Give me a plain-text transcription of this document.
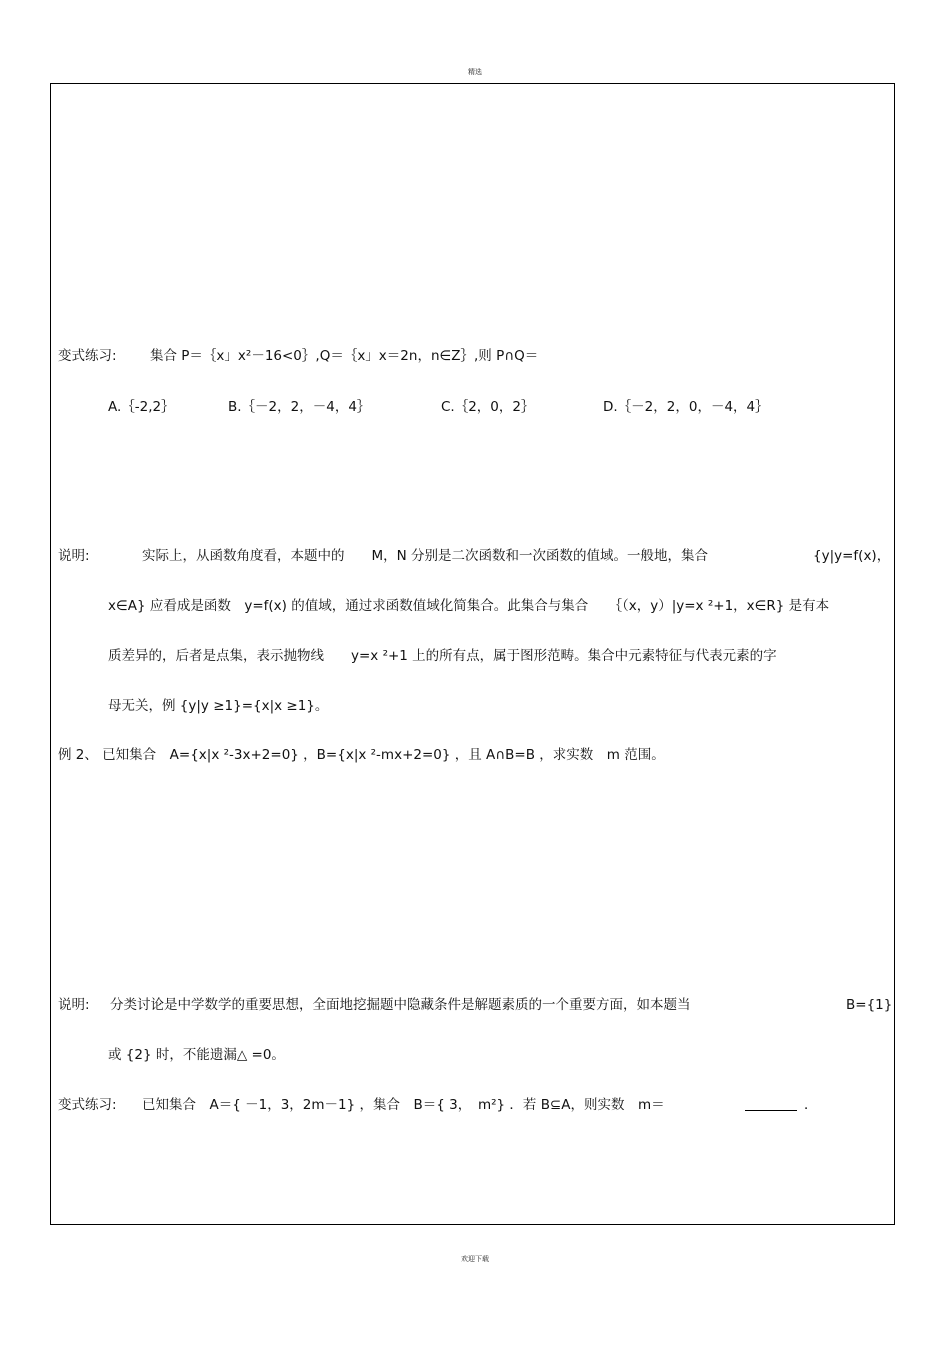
精选
变式练习: 集合 P＝｛x」x²－16<0｝,Q＝｛x」x＝2n，n∈Z｝,则 P∩Q＝
A.｛-2,2｝	B.｛－2，2，－4，4｝	C.｛2，0，2｝	D.｛－2，2，0，－4，4｝
说明:	实际上，从函数角度看，本题中的　　M，N 分别是二次函数和一次函数的值域。一般地，集合	{y|y=f(x)，
x∈A} 应看成是函数　y=f(x) 的值域，通过求函数值域化简集合。此集合与集合　　｛（x，y）|y=x ²+1，x∈R} 是有本
质差异的，后者是点集，表示抛物线　　y=x ²+1 上的所有点，属于图形范畴。集合中元素特征与代表元素的字
母无关，例 {y|y ≥1}={x|x ≥1}。
例 2、 已知集合　A={x|x ²-3x+2=0} ，B={x|x ²-mx+2=0} ，且 A∩B=B ，求实数　m 范围。
说明: 分类讨论是中学数学的重要思想，全面地挖掘题中隐藏条件是解题素质的一个重要方面，如本题当	B={1}
或 {2} 时，不能遗漏△ =0。
变式练习: 已知集合　A＝{ －1，3，2m－1} ，集合　B＝{ 3，　m²} ．若 B⊆A，则实数　m＝	．
欢迎下载
